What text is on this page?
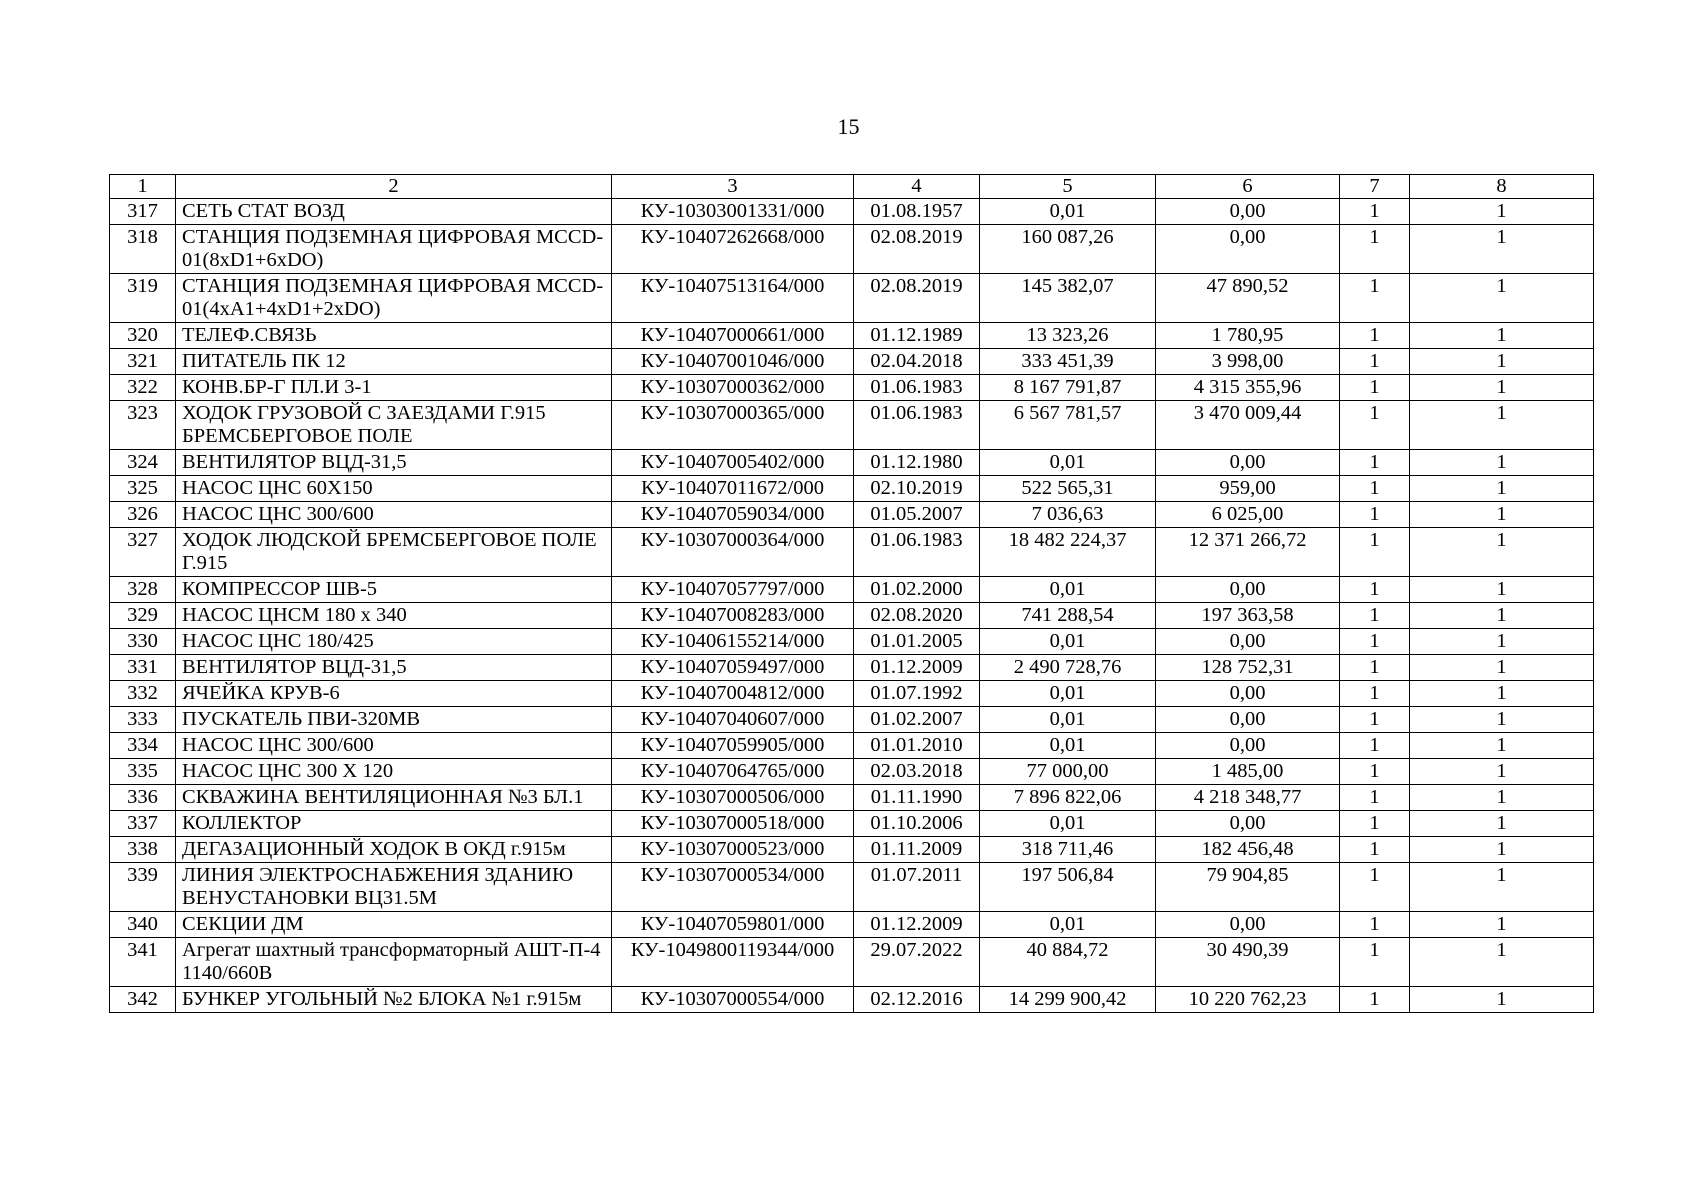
15
1	2	3	4	5	6	7	8
317	СЕТЬ СТАТ ВОЗД	КУ-10303001331/000	01.08.1957	0,01	0,00	1	1
318	СТАНЦИЯ ПОДЗЕМНАЯ ЦИФРОВАЯ MCCD-01(8xD1+6xDO)	КУ-10407262668/000	02.08.2019	160 087,26	0,00	1	1
319	СТАНЦИЯ ПОДЗЕМНАЯ ЦИФРОВАЯ MCCD-01(4xA1+4xD1+2xDO)	КУ-10407513164/000	02.08.2019	145 382,07	47 890,52	1	1
320	ТЕЛЕФ.СВЯЗЬ	КУ-10407000661/000	01.12.1989	13 323,26	1 780,95	1	1
321	ПИТАТЕЛЬ ПК 12	КУ-10407001046/000	02.04.2018	333 451,39	3 998,00	1	1
322	КОНВ.БР-Г ПЛ.И 3-1	КУ-10307000362/000	01.06.1983	8 167 791,87	4 315 355,96	1	1
323	ХОДОК ГРУЗОВОЙ С ЗАЕЗДАМИ Г.915 БРЕМСБЕРГОВОЕ ПОЛЕ	КУ-10307000365/000	01.06.1983	6 567 781,57	3 470 009,44	1	1
324	ВЕНТИЛЯТОР ВЦД-31,5	КУ-10407005402/000	01.12.1980	0,01	0,00	1	1
325	НАСОС ЦНС 60Х150	КУ-10407011672/000	02.10.2019	522 565,31	959,00	1	1
326	НАСОС ЦНС 300/600	КУ-10407059034/000	01.05.2007	7 036,63	6 025,00	1	1
327	ХОДОК ЛЮДСКОЙ БРЕМСБЕРГОВОЕ ПОЛЕ Г.915	КУ-10307000364/000	01.06.1983	18 482 224,37	12 371 266,72	1	1
328	КОМПРЕССОР ШВ-5	КУ-10407057797/000	01.02.2000	0,01	0,00	1	1
329	НАСОС ЦНСМ 180 х 340	КУ-10407008283/000	02.08.2020	741 288,54	197 363,58	1	1
330	НАСОС ЦНС 180/425	КУ-10406155214/000	01.01.2005	0,01	0,00	1	1
331	ВЕНТИЛЯТОР ВЦД-31,5	КУ-10407059497/000	01.12.2009	2 490 728,76	128 752,31	1	1
332	ЯЧЕЙКА КРУВ-6	КУ-10407004812/000	01.07.1992	0,01	0,00	1	1
333	ПУСКАТЕЛЬ ПВИ-320МВ	КУ-10407040607/000	01.02.2007	0,01	0,00	1	1
334	НАСОС ЦНС 300/600	КУ-10407059905/000	01.01.2010	0,01	0,00	1	1
335	НАСОС ЦНС 300 Х 120	КУ-10407064765/000	02.03.2018	77 000,00	1 485,00	1	1
336	СКВАЖИНА ВЕНТИЛЯЦИОННАЯ №3 БЛ.1	КУ-10307000506/000	01.11.1990	7 896 822,06	4 218 348,77	1	1
337	КОЛЛЕКТОР	КУ-10307000518/000	01.10.2006	0,01	0,00	1	1
338	ДЕГАЗАЦИОННЫЙ ХОДОК В ОКД г.915м	КУ-10307000523/000	01.11.2009	318 711,46	182 456,48	1	1
339	ЛИНИЯ ЭЛЕКТРОСНАБЖЕНИЯ ЗДАНИЮ ВЕНУСТАНОВКИ ВЦ31.5М	КУ-10307000534/000	01.07.2011	197 506,84	79 904,85	1	1
340	СЕКЦИИ ДМ	КУ-10407059801/000	01.12.2009	0,01	0,00	1	1
341	Агрегат шахтный трансформаторный АШТ-П-4 1140/660В	КУ-1049800119344/000	29.07.2022	40 884,72	30 490,39	1	1
342	БУНКЕР УГОЛЬНЫЙ №2 БЛОКА №1 г.915м	КУ-10307000554/000	02.12.2016	14 299 900,42	10 220 762,23	1	1
